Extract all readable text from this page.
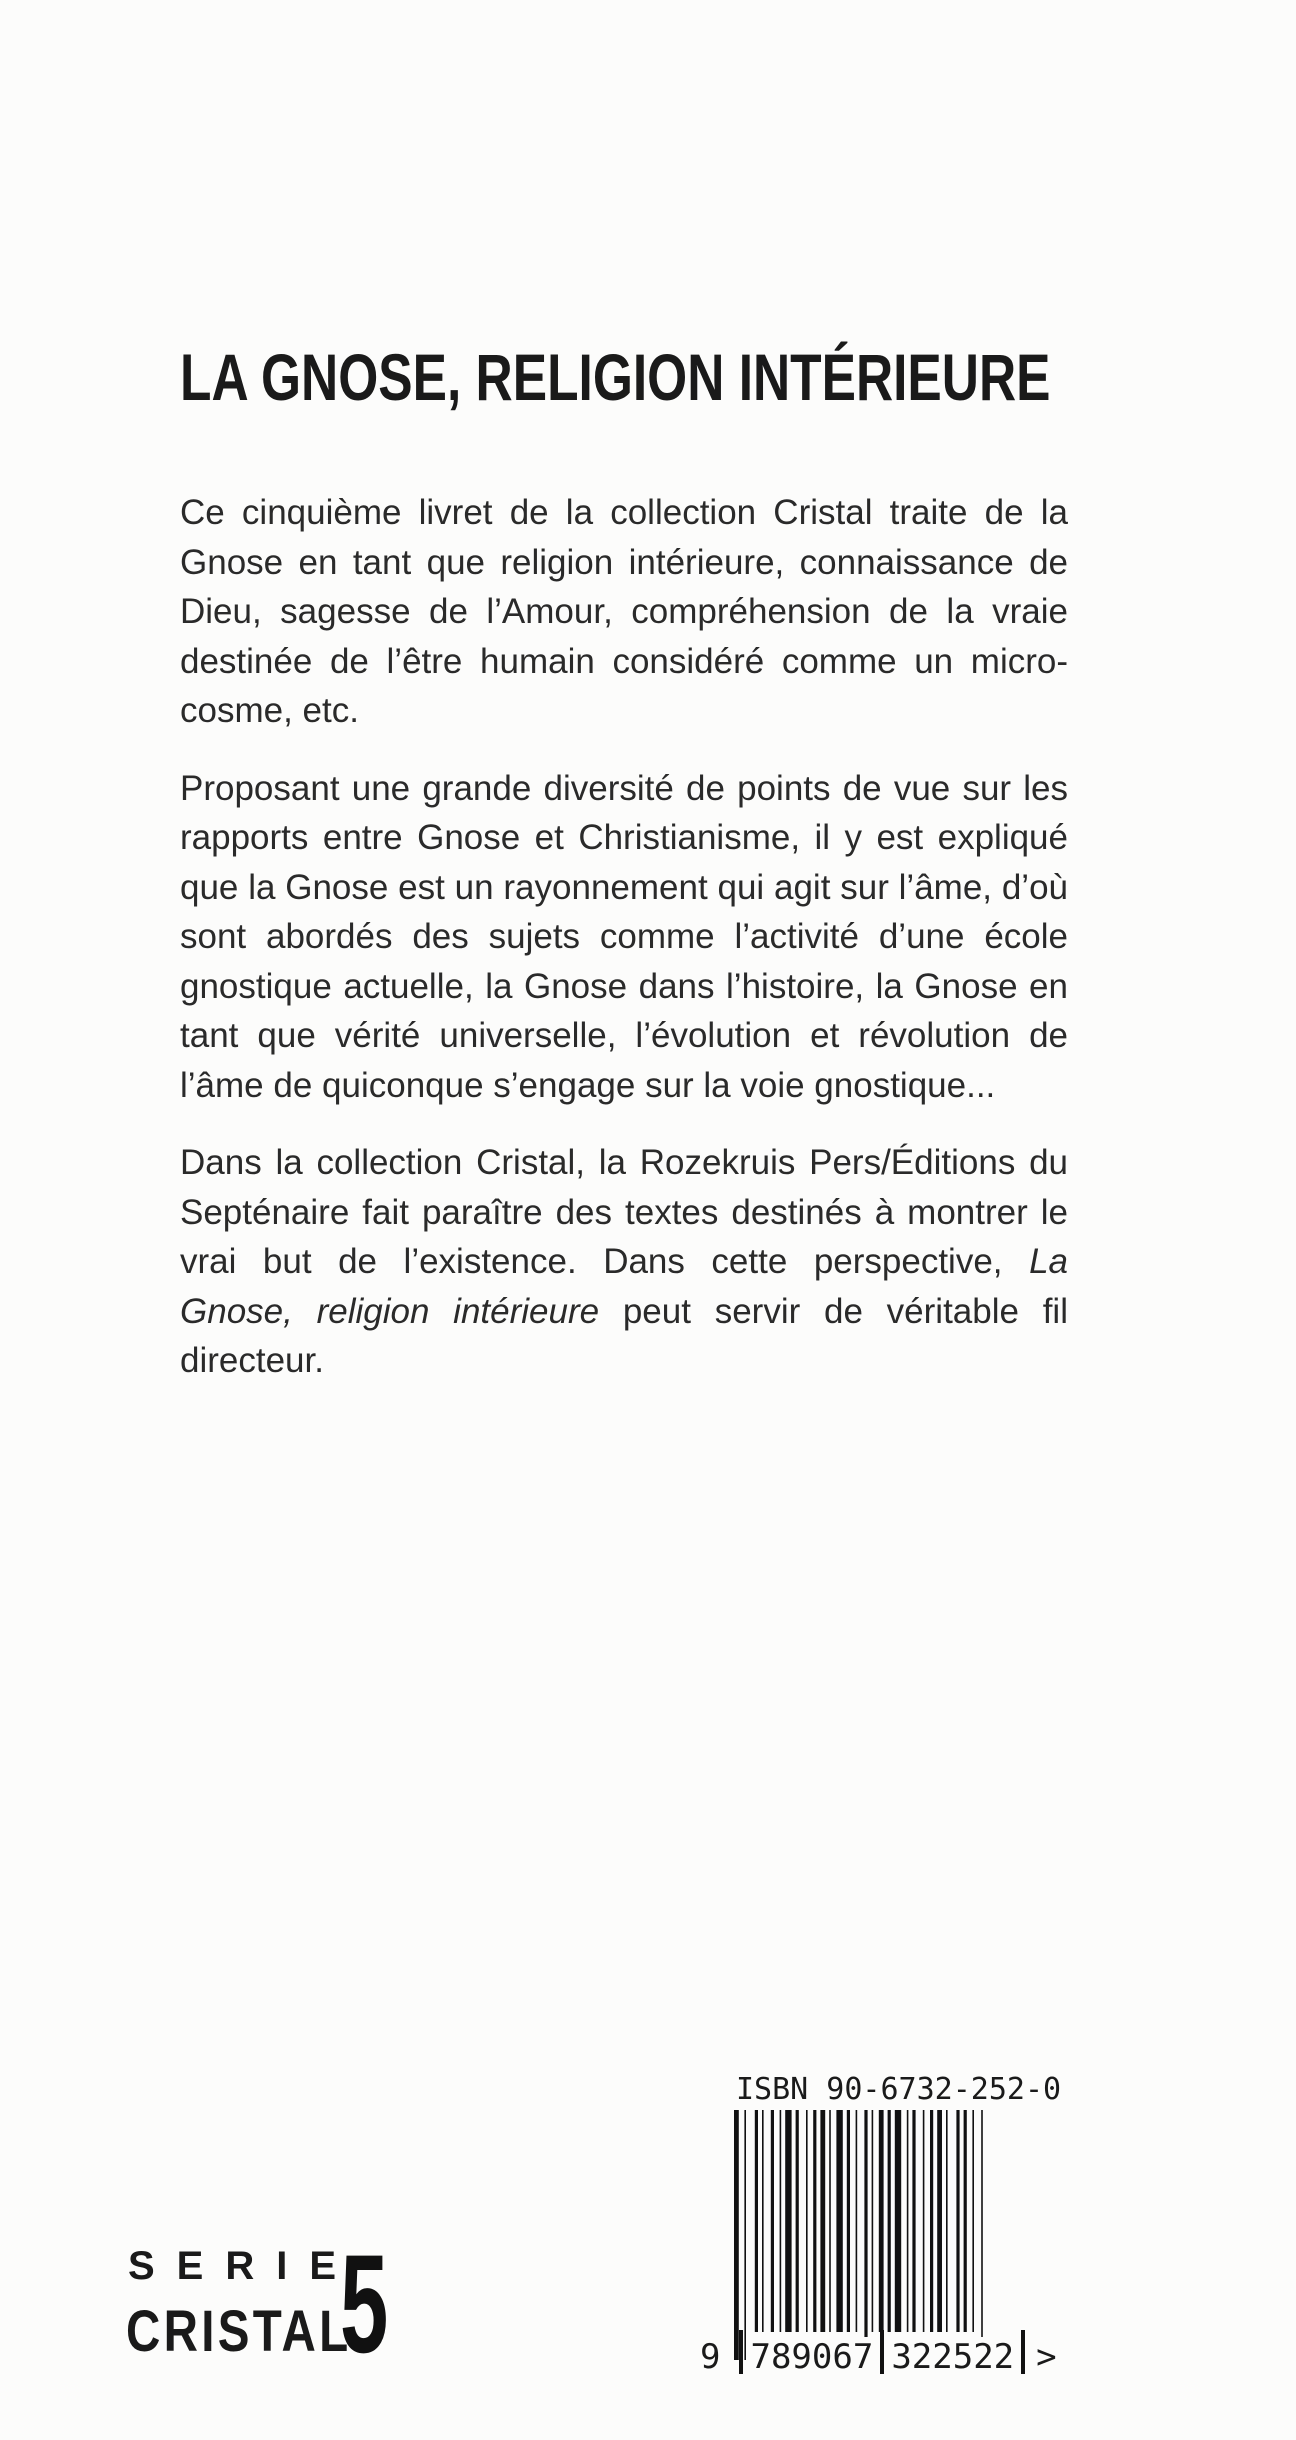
LA GNOSE, RELIGION INTÉRIEURE

Ce cinquième livret de la collection Cristal traite de la Gnose en tant que religion intérieure, connaissance de Dieu, sagesse de l’Amour, compréhension de la vraie destinée de l’être humain considéré comme un microcosme, etc.

Proposant une grande diversité de points de vue sur les rapports entre Gnose et Christianisme, il y est expliqué que la Gnose est un rayonnement qui agit sur l’âme, d’où sont abordés des sujets comme l’activité d’une école gnostique actuelle, la Gnose dans l’histoire, la Gnose en tant que vérité universelle, l’évolution et révolution de l’âme de quiconque s’engage sur la voie gnostique...

Dans la collection Cristal, la Rozekruis Pers/Éditions du Septénaire fait paraître des textes destinés à montrer le vrai but de l’existence. Dans cette perspective, La Gnose, religion intérieure peut servir de véritable fil directeur.

ISBN 90-6732-252-0
9 789067 322522 >
SERIE
CRISTAL
5
